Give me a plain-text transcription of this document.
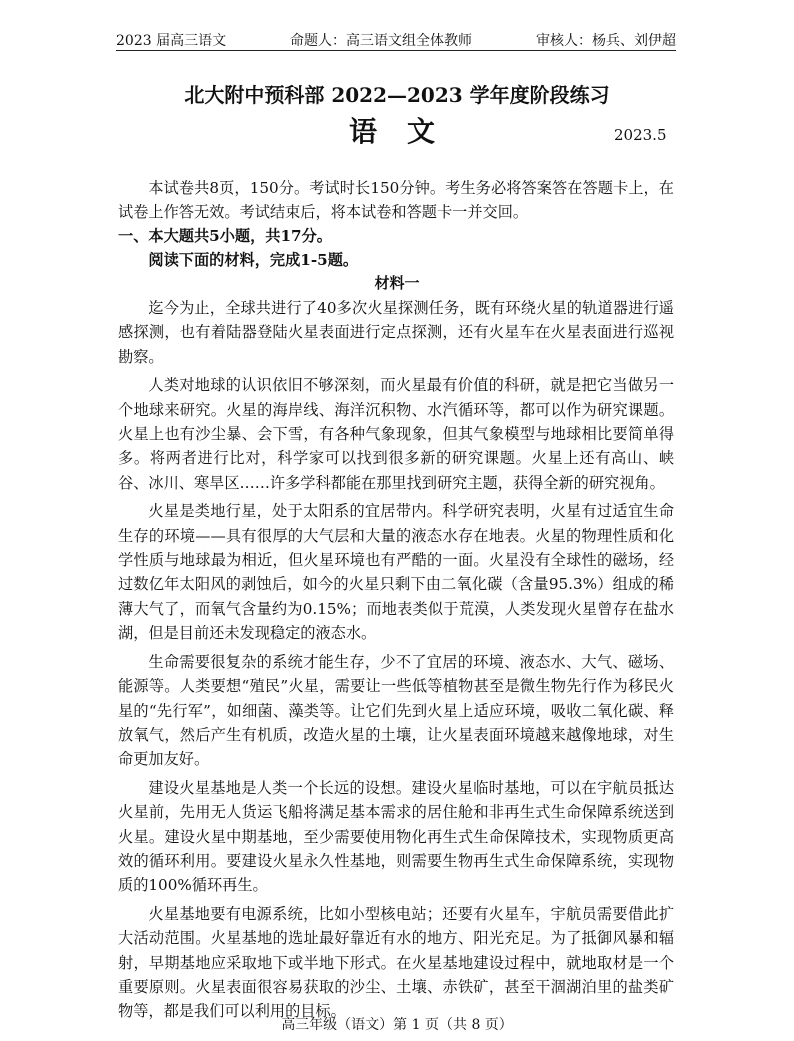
2023 届高三语文	命题人：高三语文组全体教师	审核人：杨兵、刘伊超
北大附中预科部 2022—2023 学年度阶段练习
语文	2023.5

本试卷共8页，150分。考试时长150分钟。考生务必将答案答在答题卡上，在试卷上作答无效。考试结束后，将本试卷和答题卡一并交回。

一、本大题共5小题，共17分。
阅读下面的材料，完成1-5题。
材料一

迄今为止，全球共进行了40多次火星探测任务，既有环绕火星的轨道器进行遥感探测，也有着陆器登陆火星表面进行定点探测，还有火星车在火星表面进行巡视勘察。

人类对地球的认识依旧不够深刻，而火星最有价值的科研，就是把它当做另一个地球来研究。火星的海岸线、海洋沉积物、水汽循环等，都可以作为研究课题。火星上也有沙尘暴、会下雪，有各种气象现象，但其气象模型与地球相比要简单得多。将两者进行比对，科学家可以找到很多新的研究课题。火星上还有高山、峡谷、冰川、寒旱区……许多学科都能在那里找到研究主题，获得全新的研究视角。

火星是类地行星，处于太阳系的宜居带内。科学研究表明，火星有过适宜生命生存的环境——具有很厚的大气层和大量的液态水存在地表。火星的物理性质和化学性质与地球最为相近，但火星环境也有严酷的一面。火星没有全球性的磁场，经过数亿年太阳风的剥蚀后，如今的火星只剩下由二氧化碳（含量95.3%）组成的稀薄大气了，而氧气含量约为0.15%；而地表类似于荒漠，人类发现火星曾存在盐水湖，但是目前还未发现稳定的液态水。

生命需要很复杂的系统才能生存，少不了宜居的环境、液态水、大气、磁场、能源等。人类要想“殖民”火星，需要让一些低等植物甚至是微生物先行作为移民火星的“先行军”，如细菌、藻类等。让它们先到火星上适应环境，吸收二氧化碳、释放氧气，然后产生有机质，改造火星的土壤，让火星表面环境越来越像地球，对生命更加友好。

建设火星基地是人类一个长远的设想。建设火星临时基地，可以在宇航员抵达火星前，先用无人货运飞船将满足基本需求的居住舱和非再生式生命保障系统送到火星。建设火星中期基地，至少需要使用物化再生式生命保障技术，实现物质更高效的循环利用。要建设火星永久性基地，则需要生物再生式生命保障系统，实现物质的100%循环再生。

火星基地要有电源系统，比如小型核电站；还要有火星车，宇航员需要借此扩大活动范围。火星基地的选址最好靠近有水的地方、阳光充足。为了抵御风暴和辐射，早期基地应采取地下或半地下形式。在火星基地建设过程中，就地取材是一个重要原则。火星表面很容易获取的沙尘、土壤、赤铁矿，甚至干涸湖泊里的盐类矿物等，都是我们可以利用的目标。

高三年级（语文）第 1 页（共 8 页）
